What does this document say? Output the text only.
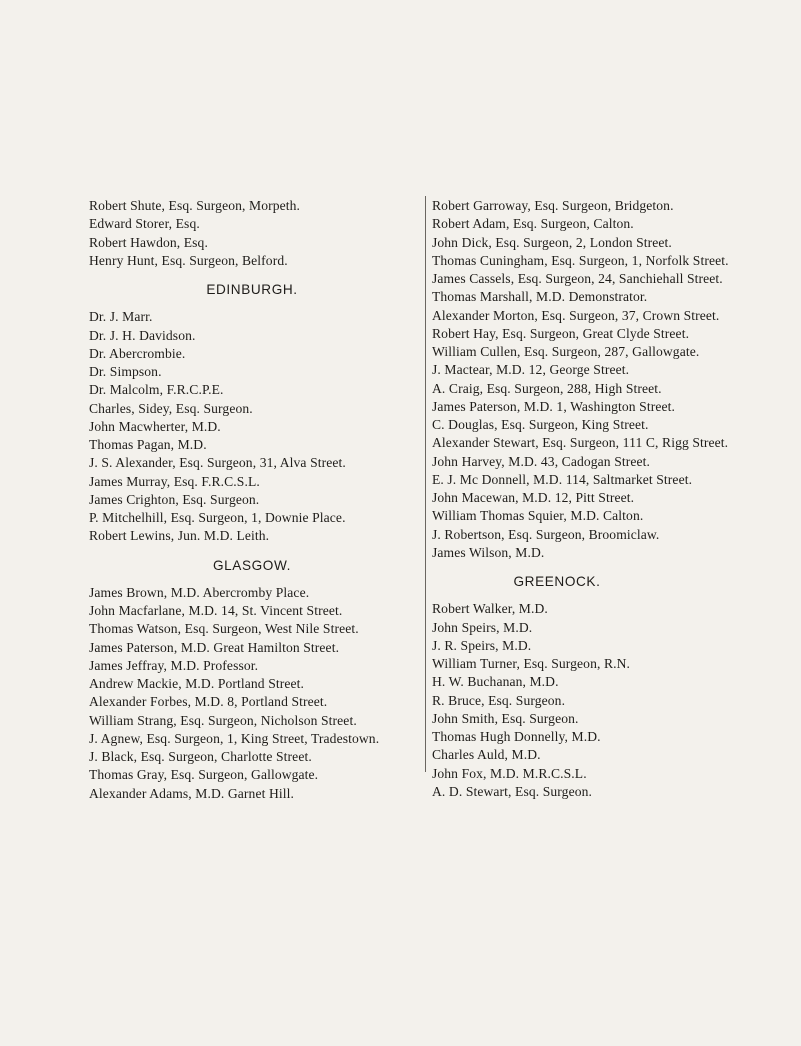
Robert Shute, Esq. Surgeon, Morpeth.
Edward Storer, Esq.
Robert Hawdon, Esq.
Henry Hunt, Esq. Surgeon, Belford.
EDINBURGH.
Dr. J. Marr.
Dr. J. H. Davidson.
Dr. Abercrombie.
Dr. Simpson.
Dr. Malcolm, F.R.C.P.E.
Charles, Sidey, Esq. Surgeon.
John Macwherter, M.D.
Thomas Pagan, M.D.
J. S. Alexander, Esq. Surgeon, 31, Alva Street.
James Murray, Esq. F.R.C.S.L.
James Crighton, Esq. Surgeon.
P. Mitchelhill, Esq. Surgeon, 1, Downie Place.
Robert Lewins, Jun. M.D. Leith.
GLASGOW.
James Brown, M.D. Abercromby Place.
John Macfarlane, M.D. 14, St. Vincent Street.
Thomas Watson, Esq. Surgeon, West Nile Street.
James Paterson, M.D. Great Hamilton Street.
James Jeffray, M.D. Professor.
Andrew Mackie, M.D. Portland Street.
Alexander Forbes, M.D. 8, Portland Street.
William Strang, Esq. Surgeon, Nicholson Street.
J. Agnew, Esq. Surgeon, 1, King Street, Tradestown.
J. Black, Esq. Surgeon, Charlotte Street.
Thomas Gray, Esq. Surgeon, Gallowgate.
Alexander Adams, M.D. Garnet Hill.
Robert Garroway, Esq. Surgeon, Bridgeton.
Robert Adam, Esq. Surgeon, Calton.
John Dick, Esq. Surgeon, 2, London Street.
Thomas Cuningham, Esq. Surgeon, 1, Norfolk Street.
James Cassels, Esq. Surgeon, 24, Sanchiehall Street.
Thomas Marshall, M.D. Demonstrator.
Alexander Morton, Esq. Surgeon, 37, Crown Street.
Robert Hay, Esq. Surgeon, Great Clyde Street.
William Cullen, Esq. Surgeon, 287, Gallowgate.
J. Mactear, M.D. 12, George Street.
A. Craig, Esq. Surgeon, 288, High Street.
James Paterson, M.D. 1, Washington Street.
C. Douglas, Esq. Surgeon, King Street.
Alexander Stewart, Esq. Surgeon, 111 C, Rigg Street.
John Harvey, M.D. 43, Cadogan Street.
E. J. Mc Donnell, M.D. 114, Saltmarket Street.
John Macewan, M.D. 12, Pitt Street.
William Thomas Squier, M.D. Calton.
J. Robertson, Esq. Surgeon, Broomiclaw.
James Wilson, M.D.
GREENOCK.
Robert Walker, M.D.
John Speirs, M.D.
J. R. Speirs, M.D.
William Turner, Esq. Surgeon, R.N.
H. W. Buchanan, M.D.
R. Bruce, Esq. Surgeon.
John Smith, Esq. Surgeon.
Thomas Hugh Donnelly, M.D.
Charles Auld, M.D.
John Fox, M.D. M.R.C.S.L.
A. D. Stewart, Esq. Surgeon.
